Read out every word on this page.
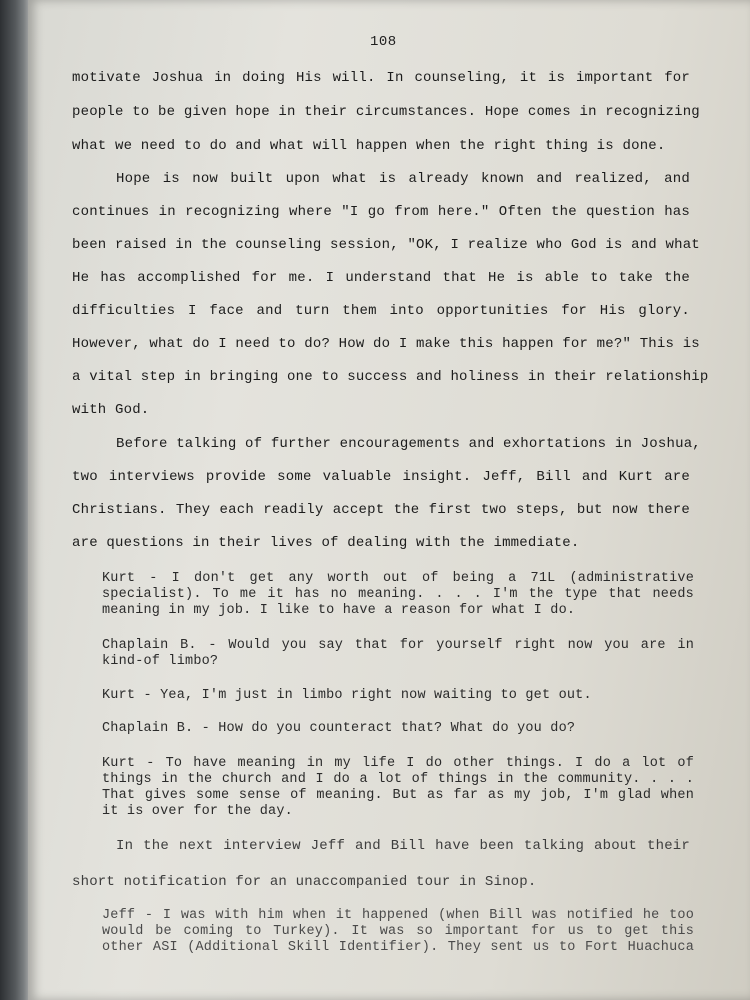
108

motivate Joshua in doing His will. In counseling, it is important for

people to be given hope in their circumstances. Hope comes in recognizing

what we need to do and what will happen when the right thing is done.

Hope is now built upon what is already known and realized, and

continues in recognizing where "I go from here." Often the question has

been raised in the counseling session, "OK, I realize who God is and what

He has accomplished for me. I understand that He is able to take the

difficulties I face and turn them into opportunities for His glory.

However, what do I need to do? How do I make this happen for me?" This is

a vital step in bringing one to success and holiness in their relationship

with God.

Before talking of further encouragements and exhortations in Joshua,

two interviews provide some valuable insight. Jeff, Bill and Kurt are

Christians. They each readily accept the first two steps, but now there

are questions in their lives of dealing with the immediate.

Kurt - I don't get any worth out of being a 71L (administrative

specialist). To me it has no meaning. . . . I'm the type that needs

meaning in my job. I like to have a reason for what I do.

Chaplain B. - Would you say that for yourself right now you are in

kind-of limbo?

Kurt - Yea, I'm just in limbo right now waiting to get out.

Chaplain B. - How do you counteract that? What do you do?

Kurt - To have meaning in my life I do other things. I do a lot of

things in the church and I do a lot of things in the community. . . .

That gives some sense of meaning. But as far as my job, I'm glad when

it is over for the day.

In the next interview Jeff and Bill have been talking about their

short notification for an unaccompanied tour in Sinop.

Jeff - I was with him when it happened (when Bill was notified he too

would be coming to Turkey). It was so important for us to get this

other ASI (Additional Skill Identifier). They sent us to Fort Huachuca
